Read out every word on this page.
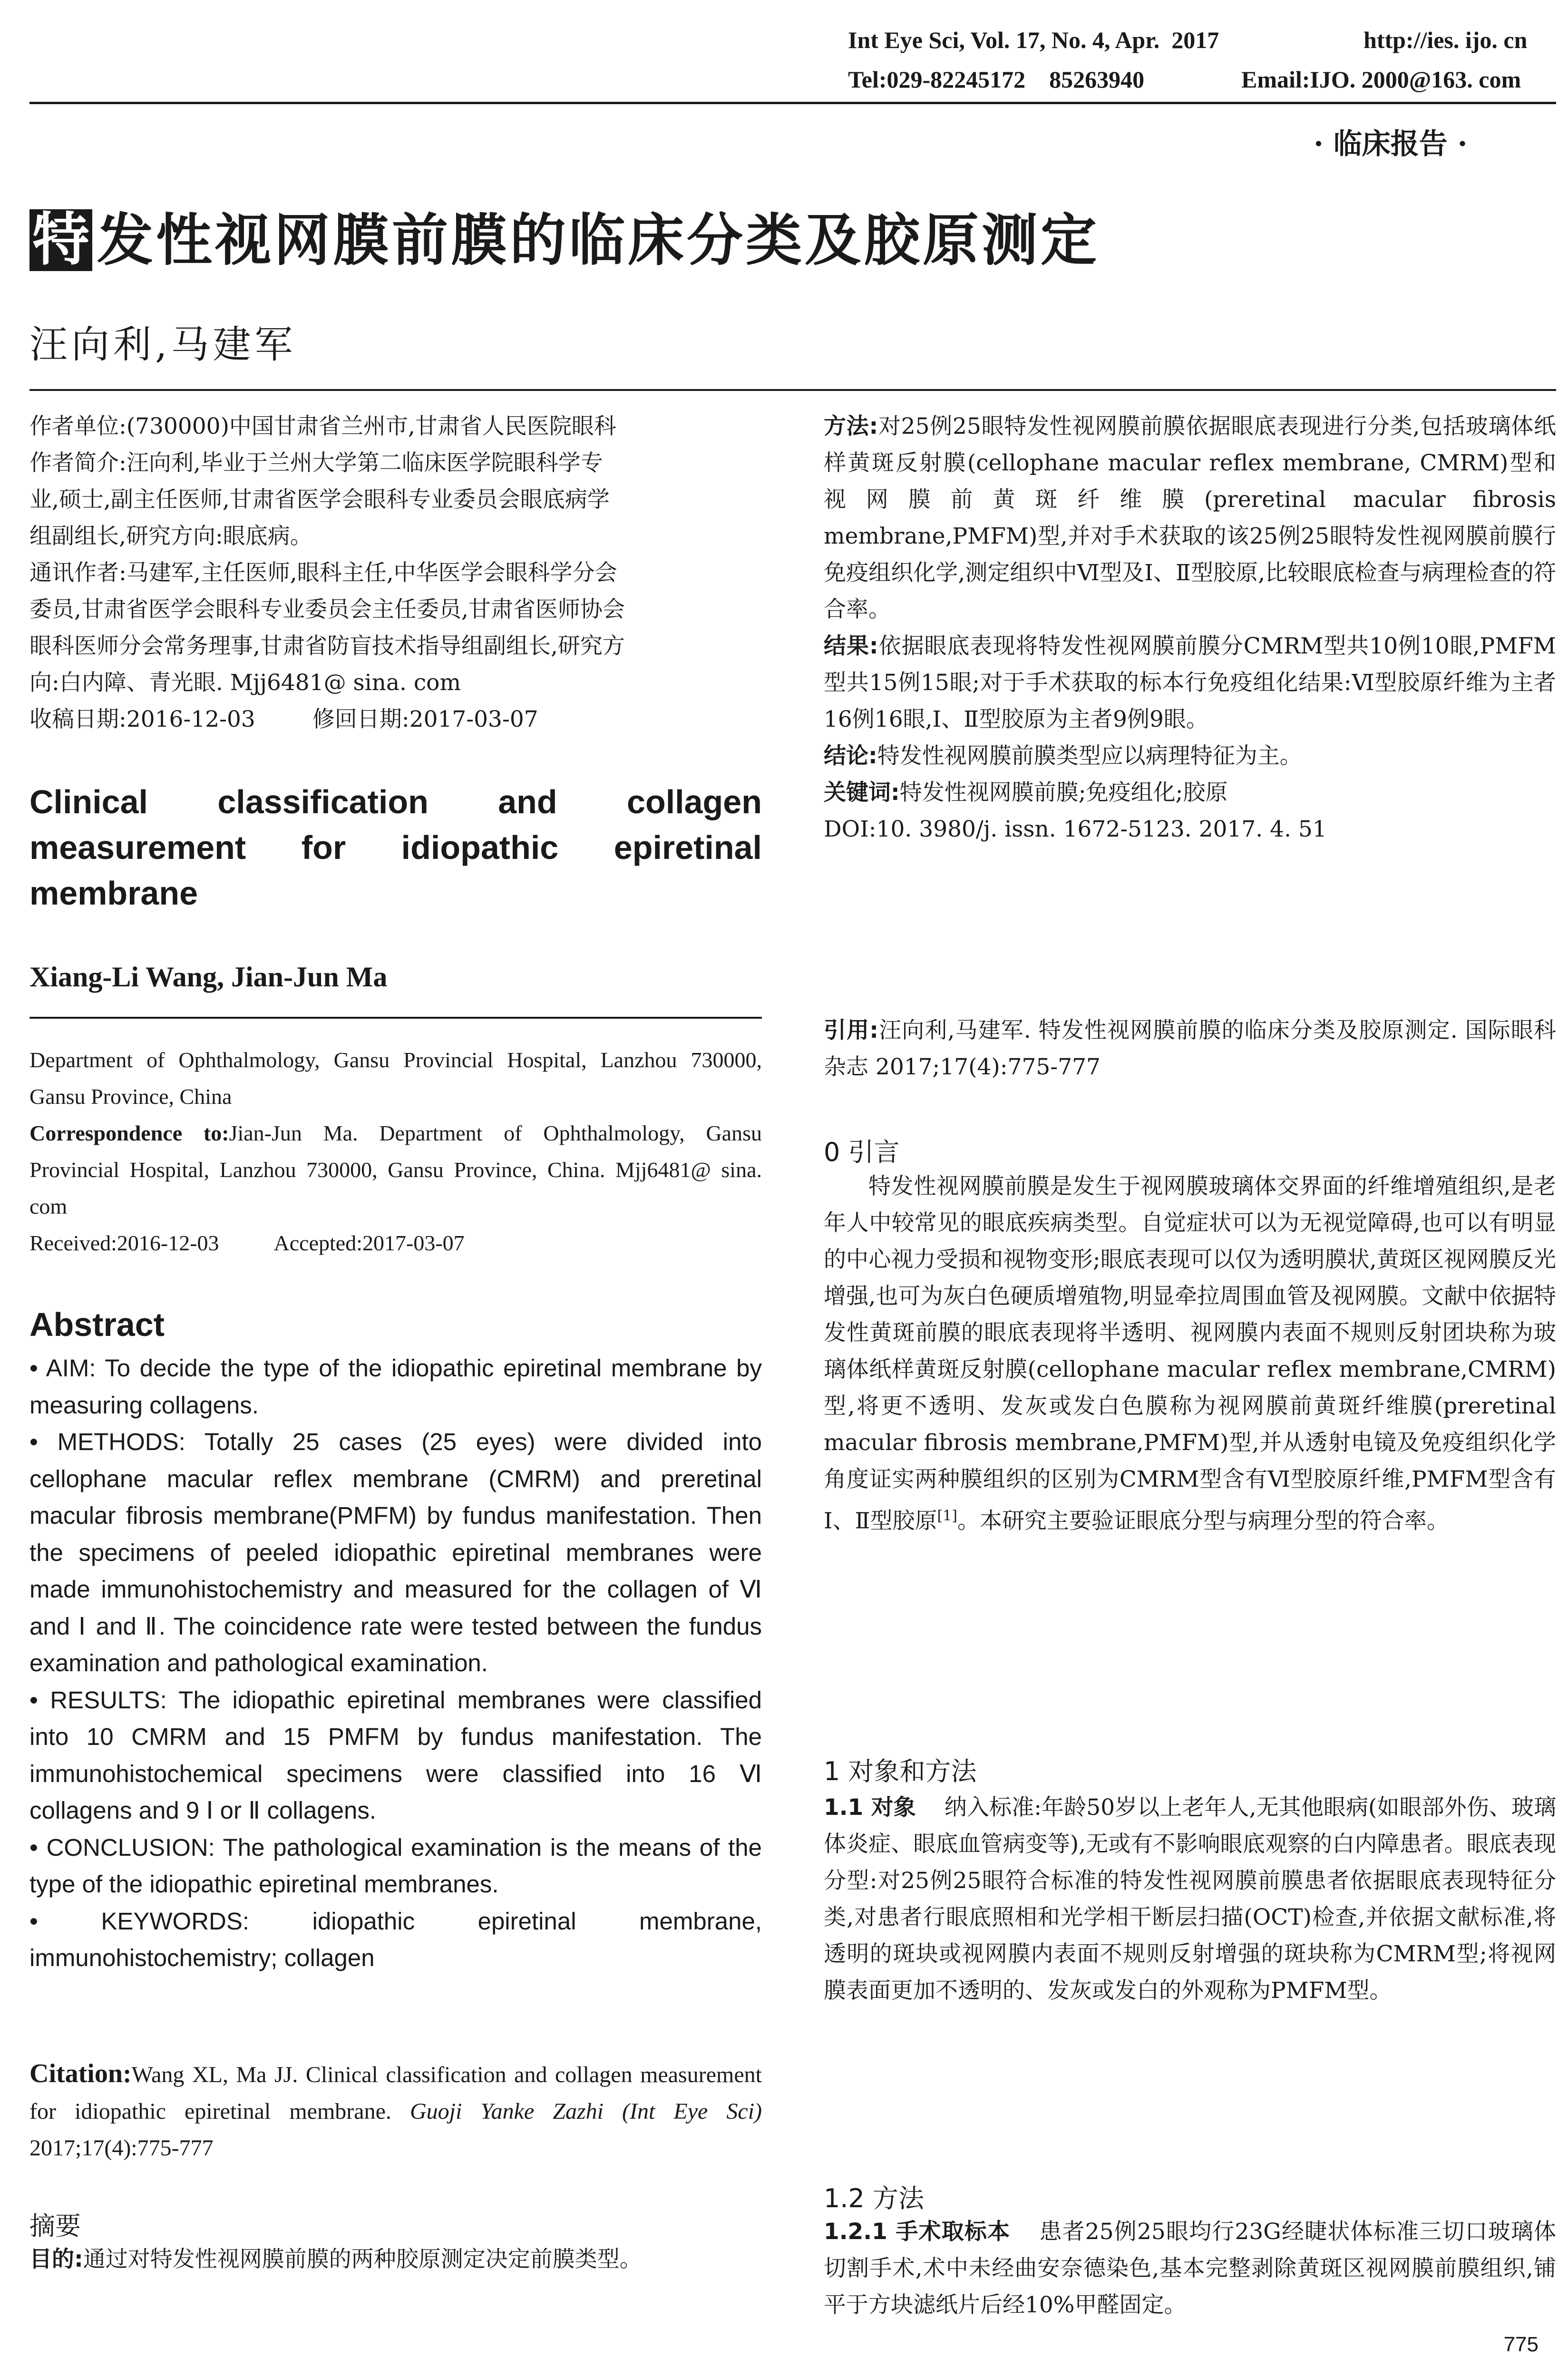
Int Eye Sci, Vol. 17, No. 4, Apr.  2017	http://ies. ijo. cn
Tel:029-82245172    85263940	Email:IJO. 2000@163. com
· 临床报告 ·
特 发性视网膜前膜的临床分类及胶原测定
汪向利,马建军
作者单位:(730000)中国甘肃省兰州市,甘肃省人民医院眼科
作者简介:汪向利,毕业于兰州大学第二临床医学院眼科学专
业,硕士,副主任医师,甘肃省医学会眼科专业委员会眼底病学
组副组长,研究方向:眼底病。
通讯作者:马建军,主任医师,眼科主任,中华医学会眼科学分会
委员,甘肃省医学会眼科专业委员会主任委员,甘肃省医师协会
眼科医师分会常务理事,甘肃省防盲技术指导组副组长,研究方
向:白内障、青光眼. Mjj6481@ sina. com
收稿日期:2016-12-03	修回日期:2017-03-07
Clinical classification and collagen measurement for idiopathic epiretinal membrane
Xiang-Li Wang, Jian-Jun Ma
Department of Ophthalmology, Gansu Provincial Hospital, Lanzhou 730000, Gansu Province, China
Correspondence to:Jian-Jun Ma. Department of Ophthalmology, Gansu Provincial Hospital, Lanzhou 730000, Gansu Province, China. Mjj6481@ sina. com
Received:2016-12-03	Accepted:2017-03-07
Abstract

• AIM: To decide the type of the idiopathic epiretinal membrane by measuring collagens.

• METHODS: Totally 25 cases (25 eyes) were divided into cellophane macular reflex membrane (CMRM) and preretinal macular fibrosis membrane(PMFM) by fundus manifestation. Then the specimens of peeled idiopathic epiretinal membranes were made immunohistochemistry and measured for the collagen of Ⅵ and Ⅰ and Ⅱ. The coincidence rate were tested between the fundus examination and pathological examination.

• RESULTS: The idiopathic epiretinal membranes were classified into 10 CMRM and 15 PMFM by fundus manifestation. The immunohistochemical specimens were classified into 16 Ⅵ collagens and 9 Ⅰ or Ⅱ collagens.

• CONCLUSION: The pathological examination is the means of the type of the idiopathic epiretinal membranes.

• KEYWORDS:	idiopathic epiretinal membrane, immunohistochemistry; collagen

Citation:Wang XL, Ma JJ. Clinical classification and collagen measurement for idiopathic epiretinal membrane. Guoji Yanke Zazhi (Int Eye Sci) 2017;17(4):775-777
摘要
目的:通过对特发性视网膜前膜的两种胶原测定决定前膜类型。

方法:对25例25眼特发性视网膜前膜依据眼底表现进行分类,包括玻璃体纸样黄斑反射膜(cellophane macular reflex membrane, CMRM)型和视网膜前黄斑纤维膜(preretinal macular fibrosis membrane,PMFM)型,并对手术获取的该25例25眼特发性视网膜前膜行免疫组织化学,测定组织中Ⅵ型及Ⅰ、Ⅱ型胶原,比较眼底检查与病理检查的符合率。

结果:依据眼底表现将特发性视网膜前膜分CMRM型共10例10眼,PMFM型共15例15眼;对于手术获取的标本行免疫组化结果:Ⅵ型胶原纤维为主者16例16眼,Ⅰ、Ⅱ型胶原为主者9例9眼。

结论:特发性视网膜前膜类型应以病理特征为主。

关键词:特发性视网膜前膜;免疫组化;胶原

DOI:10. 3980/j. issn. 1672-5123. 2017. 4. 51

引用:汪向利,马建军. 特发性视网膜前膜的临床分类及胶原测定. 国际眼科杂志 2017;17(4):775-777
0 引言

特发性视网膜前膜是发生于视网膜玻璃体交界面的纤维增殖组织,是老年人中较常见的眼底疾病类型。自觉症状可以为无视觉障碍,也可以有明显的中心视力受损和视物变形;眼底表现可以仅为透明膜状,黄斑区视网膜反光增强,也可为灰白色硬质增殖物,明显牵拉周围血管及视网膜。文献中依据特发性黄斑前膜的眼底表现将半透明、视网膜内表面不规则反射团块称为玻璃体纸样黄斑反射膜(cellophane macular reflex membrane,CMRM)型,将更不透明、发灰或发白色膜称为视网膜前黄斑纤维膜(preretinal macular fibrosis membrane,PMFM)型,并从透射电镜及免疫组织化学角度证实两种膜组织的区别为CMRM型含有Ⅵ型胶原纤维,PMFM型含有Ⅰ、Ⅱ型胶原[1]。本研究主要验证眼底分型与病理分型的符合率。

1 对象和方法

1.1 对象 纳入标准:年龄50岁以上老年人,无其他眼病(如眼部外伤、玻璃体炎症、眼底血管病变等),无或有不影响眼底观察的白内障患者。眼底表现分型:对25例25眼符合标准的特发性视网膜前膜患者依据眼底表现特征分类,对患者行眼底照相和光学相干断层扫描(OCT)检查,并依据文献标准,将透明的斑块或视网膜内表面不规则反射增强的斑块称为CMRM型;将视网膜表面更加不透明的、发灰或发白的外观称为PMFM型。

1.2 方法

1.2.1 手术取标本 患者25例25眼均行23G经睫状体标准三切口玻璃体切割手术,术中未经曲安奈德染色,基本完整剥除黄斑区视网膜前膜组织,铺平于方块滤纸片后经10%甲醛固定。

775
